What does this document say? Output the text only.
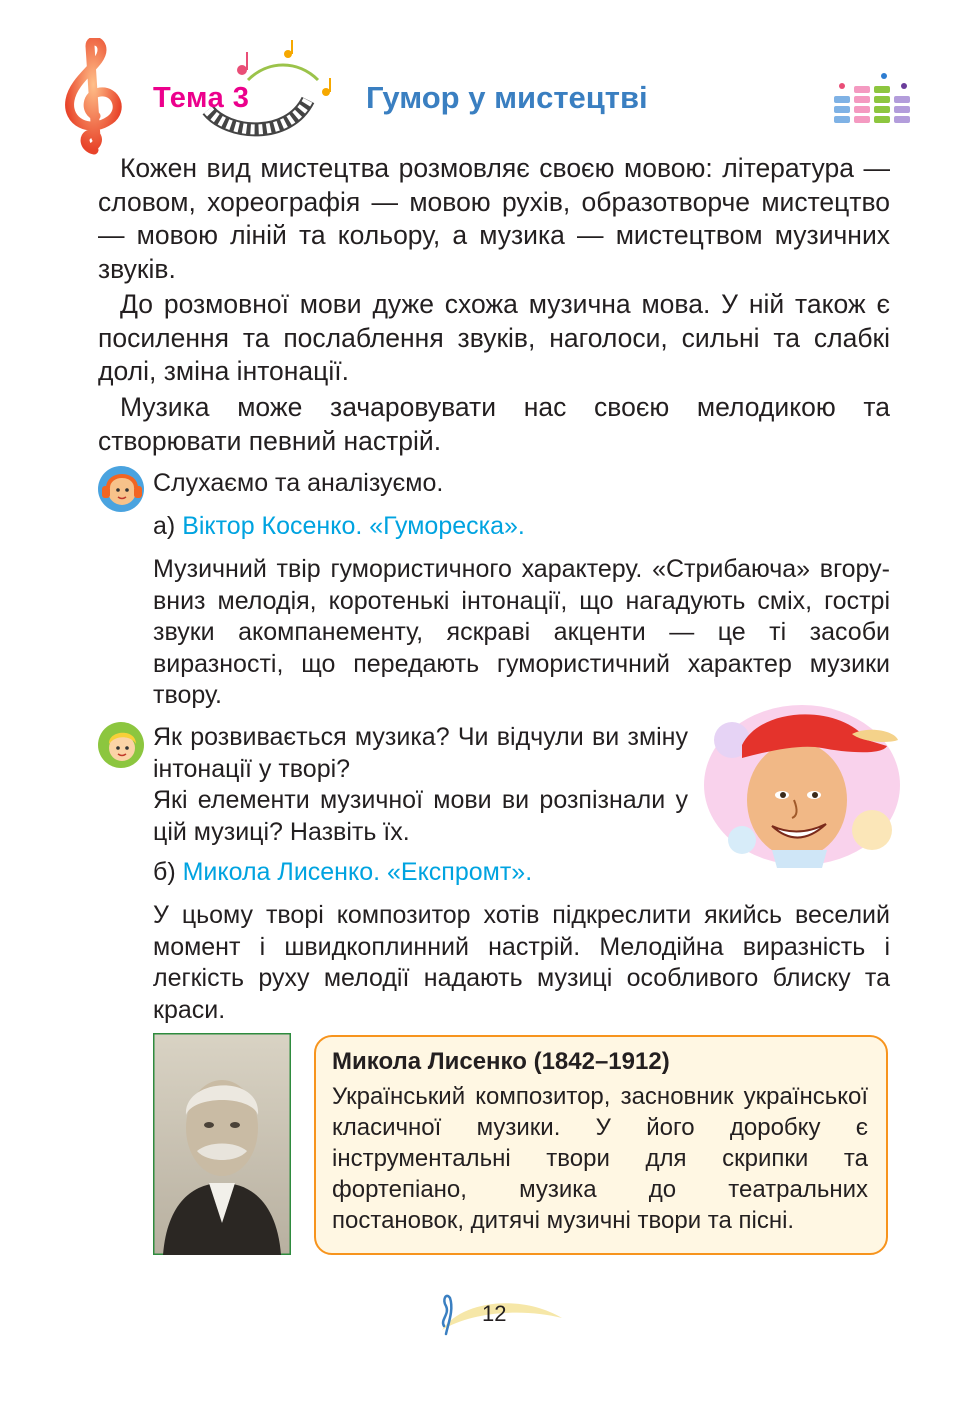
Тема 3	Гумор у мистецтві
Кожен вид мистецтва розмовляє своєю мовою: література — словом, хореографія — мовою рухів, образотворче мистецтво — мовою ліній та кольору, а музика — мистецтвом музичних звуків.
До розмовної мови дуже схожа музична мова. У ній також є посилення та послаблення звуків, наголоси, сильні та слабкі долі, зміна інтонації.
Музика може зачаровувати нас своєю мелодикою та створювати певний настрій.
Слухаємо та аналізуємо.
а) Віктор Косенко. «Гумореска».
Музичний твір гумористичного характеру. «Стрибаюча» вгору-вниз мелодія, коротенькі інтонації, що нагадують сміх, гострі звуки акомпанементу, яскраві акценти — це ті засоби виразності, що передають гумористичний характер музики твору.
Як розвивається музика? Чи відчули ви зміну інтонації у творі?
Які елементи музичної мови ви розпізнали у цій музиці? Назвіть їх.
б) Микола Лисенко. «Експромт».
У цьому творі композитор хотів підкреслити якийсь веселий момент і швидкоплинний настрій. Мелодійна виразність і легкість руху мелодії надають музиці особливого блиску та краси.
Микола Лисенко (1842–1912)
Український композитор, засновник української класичної музики. У його доробку є інструментальні твори для скрипки та фортепіано, музика до театральних постановок, дитячі музичні твори та пісні.
12
